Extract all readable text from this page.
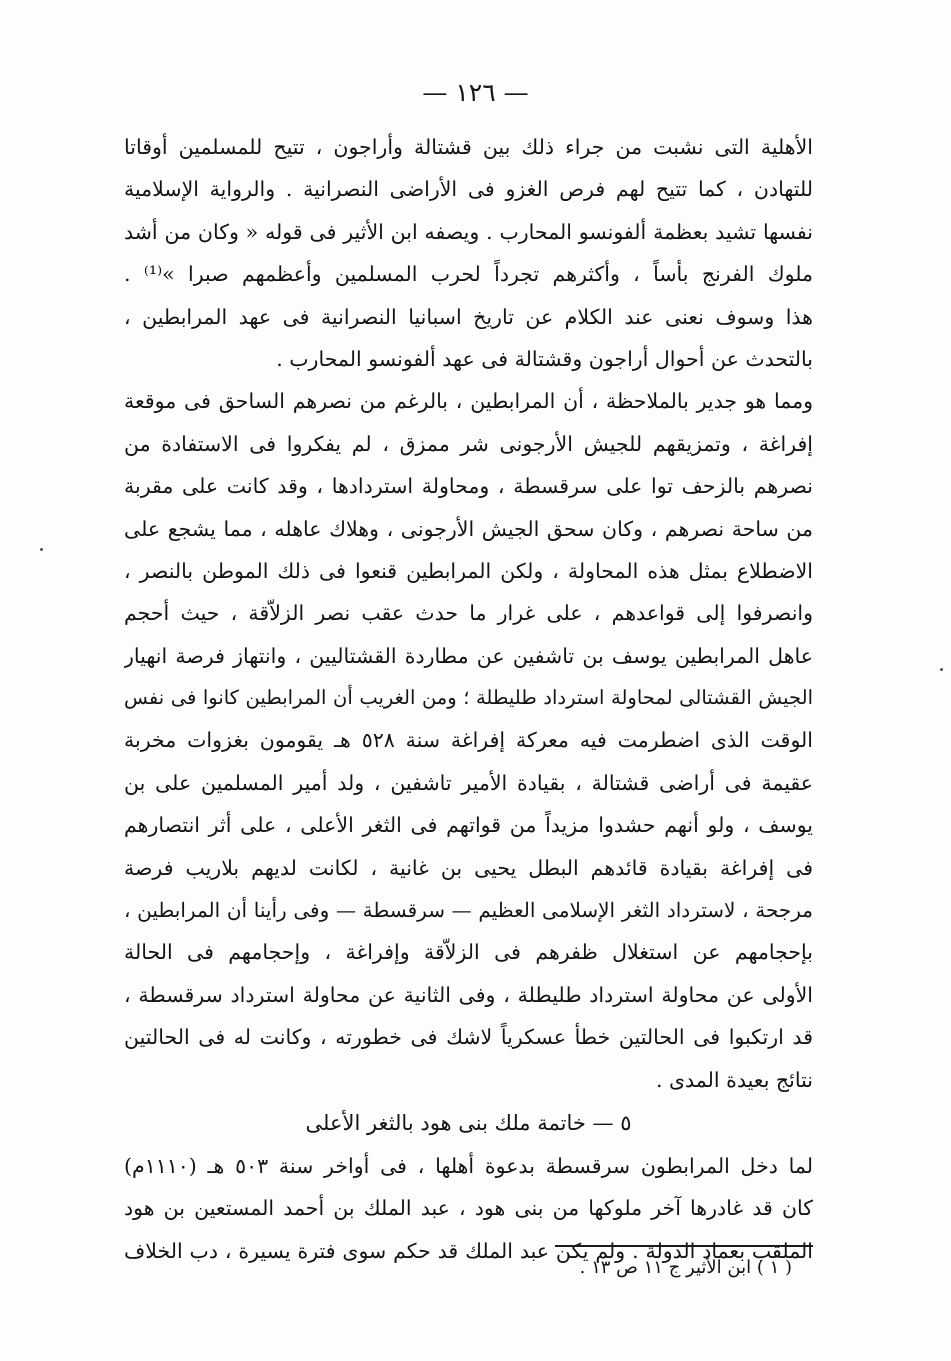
— ١٢٦ —
الأهلية التى نشبت من جراء ذلك بين قشتالة وأراجون ، تتيح للمسلمين أوقاتا
للتهادن ، كما تتيح لهم فرص الغزو فى الأراضى النصرانية . والرواية الإسلامية
نفسها تشيد بعظمة ألفونسو المحارب . ويصفه ابن الأثير فى قوله « وكان من أشد
ملوك الفرنج بأساً ، وأكثرهم تجرداً لحرب المسلمين وأعظمهم صبرا »⁽¹⁾ .
هذا وسوف نعنى عند الكلام عن تاريخ اسبانيا النصرانية فى عهد المرابطين ،
بالتحدث عن أحوال أراجون وقشتالة فى عهد ألفونسو المحارب .
ومما هو جدير بالملاحظة ، أن المرابطين ، بالرغم من نصرهم الساحق فى موقعة
إفراغة ، وتمزيقهم للجيش الأرجونى شر ممزق ، لم يفكروا فى الاستفادة من
نصرهم بالزحف توا على سرقسطة ، ومحاولة استردادها ، وقد كانت على مقربة
من ساحة نصرهم ، وكان سحق الجيش الأرجونى ، وهلاك عاهله ، مما يشجع على
الاضطلاع بمثل هذه المحاولة ، ولكن المرابطين قنعوا فى ذلك الموطن بالنصر ،
وانصرفوا إلى قواعدهم ، على غرار ما حدث عقب نصر الزلاّقة ، حيث أحجم
عاهل المرابطين يوسف بن تاشفين عن مطاردة القشتاليين ، وانتهاز فرصة انهيار
الجيش القشتالى لمحاولة استرداد طليطلة ؛ ومن الغريب أن المرابطين كانوا فى نفس
الوقت الذى اضطرمت فيه معركة إفراغة سنة ٥٢٨ هـ يقومون بغزوات مخربة
عقيمة فى أراضى قشتالة ، بقيادة الأمير تاشفين ، ولد أمير المسلمين على بن
يوسف ، ولو أنهم حشدوا مزيداً من قواتهم فى الثغر الأعلى ، على أثر انتصارهم
فى إفراغة بقيادة قائدهم البطل يحيى بن غانية ، لكانت لديهم بلاريب فرصة
مرجحة ، لاسترداد الثغر الإسلامى العظيم — سرقسطة — وفى رأينا أن المرابطين ،
بإحجامهم عن استغلال ظفرهم فى الزلاّقة وإفراغة ، وإحجامهم فى الحالة
الأولى عن محاولة استرداد طليطلة ، وفى الثانية عن محاولة استرداد سرقسطة ،
قد ارتكبوا فى الحالتين خطأ عسكرياً لاشك فى خطورته ، وكانت له فى الحالتين
نتائج بعيدة المدى .
٥ — خاتمة ملك بنى هود بالثغر الأعلى
لما دخل المرابطون سرقسطة بدعوة أهلها ، فى أواخر سنة ٥٠٣ هـ (١١١٠م)
كان قد غادرها آخر ملوكها من بنى هود ، عبد الملك بن أحمد المستعين بن هود
الملقب بعماد الدولة . ولم يكن عبد الملك قد حكم سوى فترة يسيرة ، دب الخلاف
( ١ ) ابن الأثير ج ١١ ص ١٣ .
